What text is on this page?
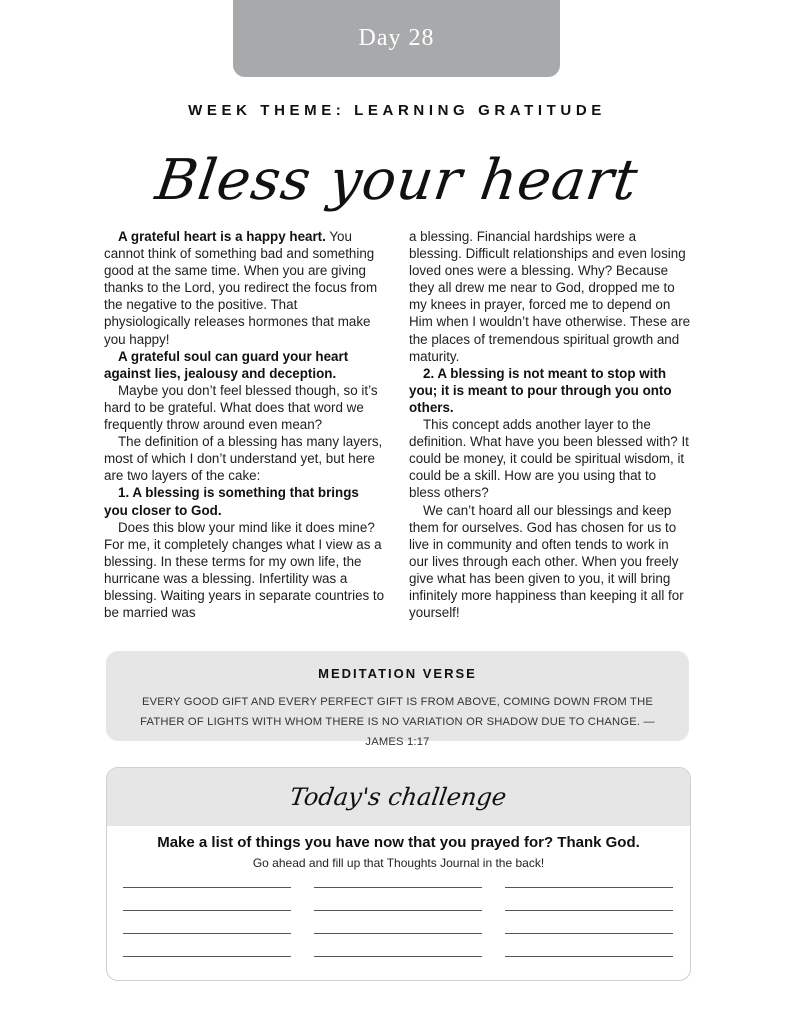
Day 28
WEEK THEME: LEARNING GRATITUDE
Bless your heart

A grateful heart is a happy heart. You cannot think of something bad and something good at the same time. When you are giving thanks to the Lord, you redirect the focus from the negative to the positive. That physiologically releases hormones that make you happy!

A grateful soul can guard your heart against lies, jealousy and deception.

Maybe you don’t feel blessed though, so it’s hard to be grateful. What does that word we frequently throw around even mean?

The definition of a blessing has many layers, most of which I don’t understand yet, but here are two layers of the cake:

1. A blessing is something that brings you closer to God.

Does this blow your mind like it does mine? For me, it completely changes what I view as a blessing. In these terms for my own life, the hurricane was a blessing. Infertility was a blessing. Waiting years in separate countries to be married was

a blessing. Financial hardships were a blessing. Difficult relationships and even losing loved ones were a blessing. Why? Because they all drew me near to God, dropped me to my knees in prayer, forced me to depend on Him when I wouldn’t have otherwise. These are the places of tremendous spiritual growth and maturity.

2. A blessing is not meant to stop with you; it is meant to pour through you onto others.

This concept adds another layer to the definition. What have you been blessed with? It could be money, it could be spiritual wisdom, it could be a skill. How are you using that to bless others?

We can’t hoard all our blessings and keep them for ourselves. God has chosen for us to live in community and often tends to work in our lives through each other. When you freely give what has been given to you, it will bring infinitely more happiness than keeping it all for yourself!

MEDITATION VERSE
EVERY GOOD GIFT AND EVERY PERFECT GIFT IS FROM ABOVE, COMING DOWN FROM THE FATHER OF LIGHTS WITH WHOM THERE IS NO VARIATION OR SHADOW DUE TO CHANGE. — JAMES 1:17
Today's challenge
Make a list of things you have now that you prayed for? Thank God.
Go ahead and fill up that Thoughts Journal in the back!
